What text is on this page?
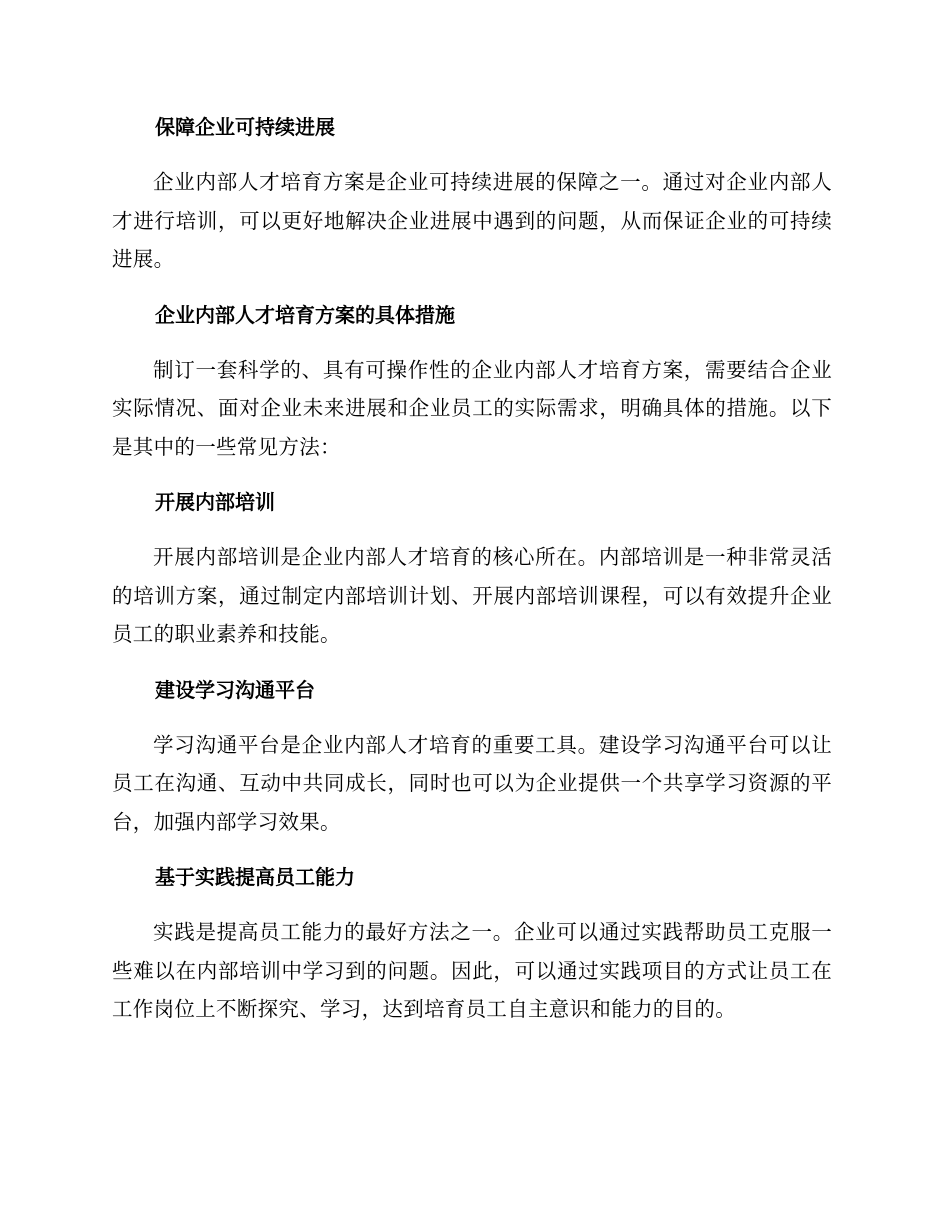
保障企业可持续进展

企业内部人才培育方案是企业可持续进展的保障之一。通过对企业内部人才进行培训，可以更好地解决企业进展中遇到的问题，从而保证企业的可持续进展。

企业内部人才培育方案的具体措施

制订一套科学的、具有可操作性的企业内部人才培育方案，需要结合企业实际情况、面对企业未来进展和企业员工的实际需求，明确具体的措施。以下是其中的一些常见方法：

开展内部培训

开展内部培训是企业内部人才培育的核心所在。内部培训是一种非常灵活的培训方案，通过制定内部培训计划、开展内部培训课程，可以有效提升企业员工的职业素养和技能。

建设学习沟通平台

学习沟通平台是企业内部人才培育的重要工具。建设学习沟通平台可以让员工在沟通、互动中共同成长，同时也可以为企业提供一个共享学习资源的平台，加强内部学习效果。

基于实践提高员工能力

实践是提高员工能力的最好方法之一。企业可以通过实践帮助员工克服一些难以在内部培训中学习到的问题。因此，可以通过实践项目的方式让员工在工作岗位上不断探究、学习，达到培育员工自主意识和能力的目的。
